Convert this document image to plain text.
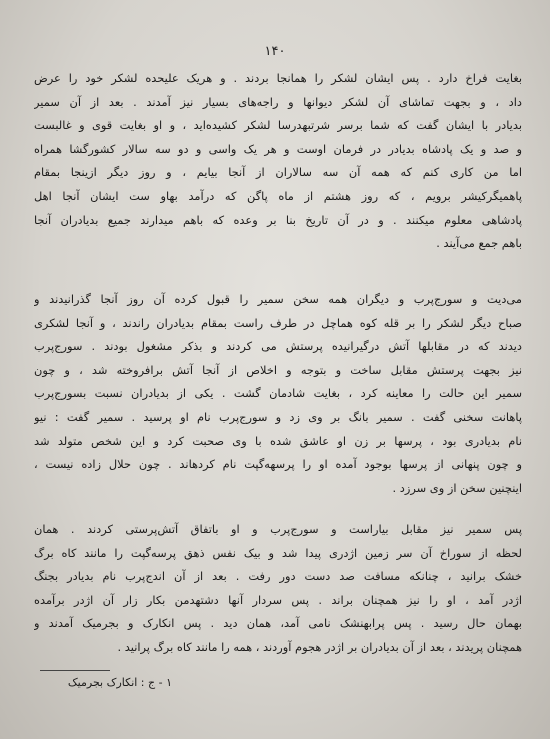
۱۴۰
بغایت فراخ دارد . پس ایشان لشکر را همانجا بردند . و هریک علیحده لشکر خود را عرض
داد ، و بجهت تماشای آن لشکر دیوانها و راجه‌های بسیار نیز آمدند . بعد از آن سمیر
بدیادر با ایشان گفت که شما برسر شرتبهدرسا لشکر کشیده‌اید ، و او بغایت قوی و غالبست
و صد و یک پادشاه بدیادر در فرمان اوست و هر یک واسی و دو سه سالار کشورگشا همراه
اما من کاری کنم که همه آن سه سالاران از آنجا بیایم ، و روز دیگر ازینجا بمقام
پاهمیگرکیشر برویم ، که روز هشتم از ماه پاگن که درآمد بهاو ست ایشان آنجا اهل
پادشاهی معلوم میکنند . و در آن تاریخ بنا بر وعده که باهم میدارند جمیع بدیادران آنجا
باهم جمع می‌آیند .
می‌دیت و سورج‌پرب و دیگران همه سخن سمیر را قبول کرده آن روز آنجا گذرانیدند و
صباح دیگر لشکر را بر قله کوه هماچل در طرف راست بمقام بدیادران راندند ، و آنجا لشکری
دیدند که در مقابلها آتش درگیرانیده پرستش می کردند و بذکر مشغول بودند . سورج‌پرب
نیز بجهت پرستش مقابل ساخت و بتوجه و اخلاص از آنجا آتش برافروخته شد ، و چون
سمیر این حالت را معاینه کرد ، بغایت شادمان گشت . یکی از بدیادران نسبت بسورج‌پرب
پاهانت سخنی گفت . سمیر بانگ بر وی زد و سورج‌پرب نام او پرسید . سمیر گفت : نیو
نام بدیادری بود ، پرسها بر زن او عاشق شده با وی صحبت کرد و این شخص متولد شد
و چون پنهانی از پرسها بوجود آمده او را پرسهه‌گپت نام کردهاند . چون حلال زاده نیست ،
اینچنین سخن از وی سرزد .
پس سمیر نیز مقابل بیاراست و سورج‌پرب و او باتفاق آتش‌پرستی کردند . همان
لحظه از سوراخ آن سر زمین اژدری پیدا شد و بیک نفس ذهق پرسه‌گپت را مانند کاه برگ
خشک برانید ، چنانکه مسافت صد دست دور رفت . بعد از آن اندج‌پرب نام بدیادر بجنگ
اژدر آمد ، او را نیز همچنان براند . پس سردار آنها دشتهدمن بکار زار آن اژدر برآمده
بهمان حال رسید . پس پرابهنشک نامی آمد، همان دید . پس انکارک و بجرمیک آمدند و
همچنان پریدند ، بعد از آن بدیادران بر اژدر هجوم آوردند ، همه را مانند کاه برگ پرانید .
۱ - ج : انکارک بجرمیک
